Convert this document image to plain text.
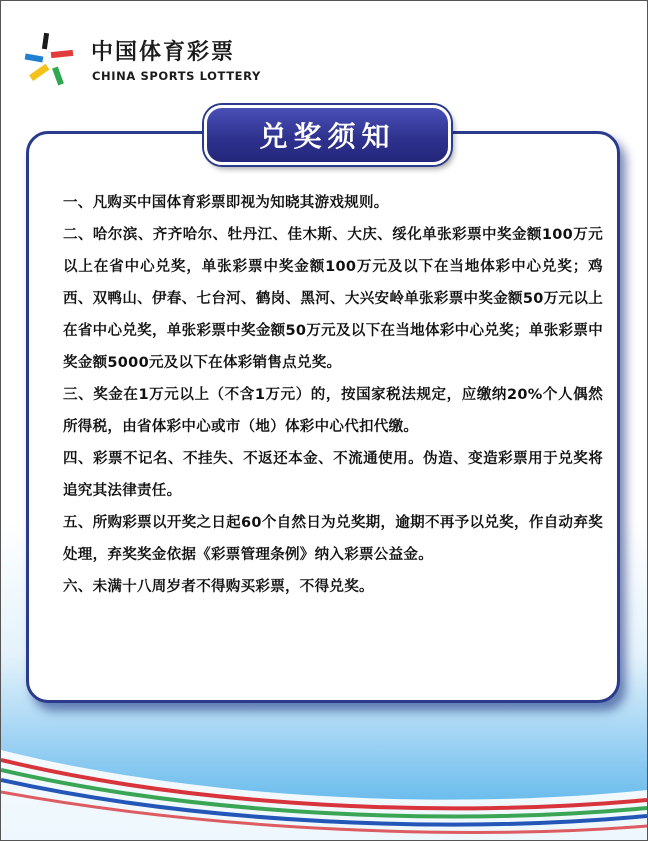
中国体育彩票
CHINA SPORTS LOTTERY
兑奖须知

一、凡购买中国体育彩票即视为知晓其游戏规则。

二、哈尔滨、齐齐哈尔、牡丹江、佳木斯、大庆、绥化单张彩票中奖金额100万元以上在省中心兑奖，单张彩票中奖金额100万元及以下在当地体彩中心兑奖；鸡西、双鸭山、伊春、七台河、鹤岗、黑河、大兴安岭单张彩票中奖金额50万元以上在省中心兑奖，单张彩票中奖金额50万元及以下在当地体彩中心兑奖；单张彩票中奖金额5000元及以下在体彩销售点兑奖。

三、奖金在1万元以上（不含1万元）的，按国家税法规定，应缴纳20%个人偶然所得税，由省体彩中心或市（地）体彩中心代扣代缴。

四、彩票不记名、不挂失、不返还本金、不流通使用。伪造、变造彩票用于兑奖将追究其法律责任。

五、所购彩票以开奖之日起60个自然日为兑奖期，逾期不再予以兑奖，作自动弃奖处理，弃奖奖金依据《彩票管理条例》纳入彩票公益金。

六、未满十八周岁者不得购买彩票，不得兑奖。
